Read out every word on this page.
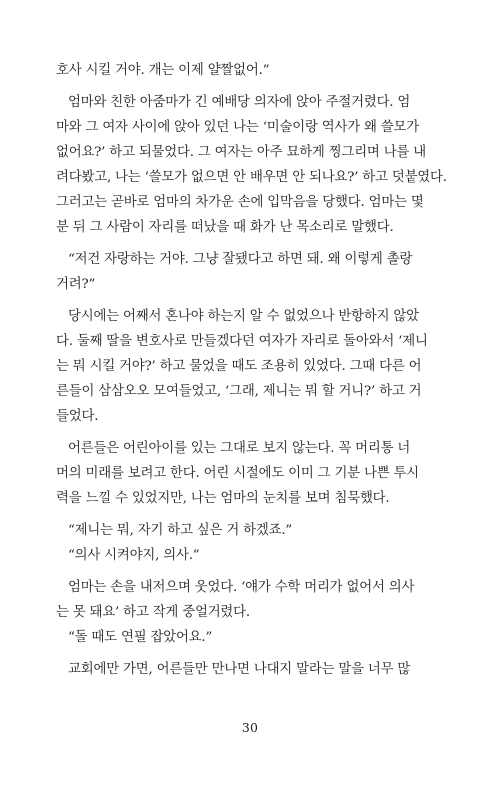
호사 시킬 거야. 개는 이제 얄짤없어.”
엄마와 친한 아줌마가 긴 예배당 의자에 앉아 주절거렸다. 엄
마와 그 여자 사이에 앉아 있던 나는 ‘미술이랑 역사가 왜 쓸모가
없어요?’ 하고 되물었다. 그 여자는 아주 묘하게 찡그리며 나를 내
려다봤고, 나는 ‘쓸모가 없으면 안 배우면 안 되나요?’ 하고 덧붙였다.
그러고는 곧바로 엄마의 차가운 손에 입막음을 당했다. 엄마는 몇
분 뒤 그 사람이 자리를 떠났을 때 화가 난 목소리로 말했다.
“저건 자랑하는 거야. 그냥 잘됐다고 하면 돼. 왜 이렇게 촐랑
거려?”
당시에는 어째서 혼나야 하는지 알 수 없었으나 반항하지 않았
다. 둘째 딸을 변호사로 만들겠다던 여자가 자리로 돌아와서 ‘제니
는 뭐 시킬 거야?’ 하고 물었을 때도 조용히 있었다. 그때 다른 어
른들이 삼삼오오 모여들었고, ‘그래, 제니는 뭐 할 거니?’ 하고 거
들었다.
어른들은 어린아이를 있는 그대로 보지 않는다. 꼭 머리통 너
머의 미래를 보려고 한다. 어린 시절에도 이미 그 기분 나쁜 투시
력을 느낄 수 있었지만, 나는 엄마의 눈치를 보며 침묵했다.
“제니는 뭐, 자기 하고 싶은 거 하겠죠.”
“의사 시켜야지, 의사.”
엄마는 손을 내저으며 웃었다. ‘얘가 수학 머리가 없어서 의사
는 못 돼요’ 하고 작게 중얼거렸다.
“돌 때도 연필 잡았어요.”
교회에만 가면, 어른들만 만나면 나대지 말라는 말을 너무 많
30
